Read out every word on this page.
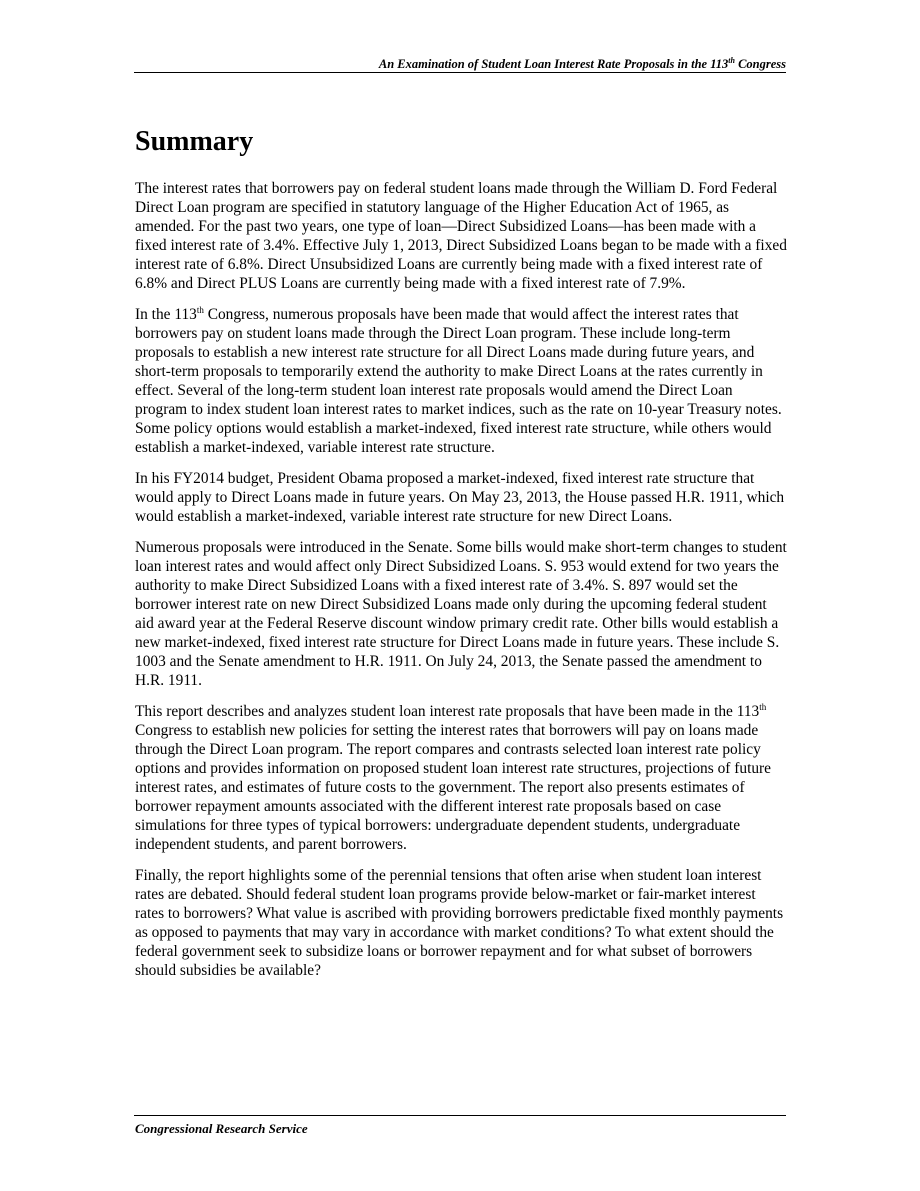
An Examination of Student Loan Interest Rate Proposals in the 113th Congress
Summary

The interest rates that borrowers pay on federal student loans made through the William D. Ford Federal Direct Loan program are specified in statutory language of the Higher Education Act of 1965, as amended. For the past two years, one type of loan—Direct Subsidized Loans—has been made with a fixed interest rate of 3.4%. Effective July 1, 2013, Direct Subsidized Loans began to be made with a fixed interest rate of 6.8%. Direct Unsubsidized Loans are currently being made with a fixed interest rate of 6.8% and Direct PLUS Loans are currently being made with a fixed interest rate of 7.9%.

In the 113th Congress, numerous proposals have been made that would affect the interest rates that borrowers pay on student loans made through the Direct Loan program. These include long-term proposals to establish a new interest rate structure for all Direct Loans made during future years, and short-term proposals to temporarily extend the authority to make Direct Loans at the rates currently in effect. Several of the long-term student loan interest rate proposals would amend the Direct Loan program to index student loan interest rates to market indices, such as the rate on 10-year Treasury notes. Some policy options would establish a market-indexed, fixed interest rate structure, while others would establish a market-indexed, variable interest rate structure.

In his FY2014 budget, President Obama proposed a market-indexed, fixed interest rate structure that would apply to Direct Loans made in future years. On May 23, 2013, the House passed H.R. 1911, which would establish a market-indexed, variable interest rate structure for new Direct Loans.

Numerous proposals were introduced in the Senate. Some bills would make short-term changes to student loan interest rates and would affect only Direct Subsidized Loans. S. 953 would extend for two years the authority to make Direct Subsidized Loans with a fixed interest rate of 3.4%. S. 897 would set the borrower interest rate on new Direct Subsidized Loans made only during the upcoming federal student aid award year at the Federal Reserve discount window primary credit rate. Other bills would establish a new market-indexed, fixed interest rate structure for Direct Loans made in future years. These include S. 1003 and the Senate amendment to H.R. 1911. On July 24, 2013, the Senate passed the amendment to H.R. 1911.

This report describes and analyzes student loan interest rate proposals that have been made in the 113th Congress to establish new policies for setting the interest rates that borrowers will pay on loans made through the Direct Loan program. The report compares and contrasts selected loan interest rate policy options and provides information on proposed student loan interest rate structures, projections of future interest rates, and estimates of future costs to the government. The report also presents estimates of borrower repayment amounts associated with the different interest rate proposals based on case simulations for three types of typical borrowers: undergraduate dependent students, undergraduate independent students, and parent borrowers.

Finally, the report highlights some of the perennial tensions that often arise when student loan interest rates are debated. Should federal student loan programs provide below-market or fair-market interest rates to borrowers? What value is ascribed with providing borrowers predictable fixed monthly payments as opposed to payments that may vary in accordance with market conditions? To what extent should the federal government seek to subsidize loans or borrower repayment and for what subset of borrowers should subsidies be available?

Congressional Research Service
